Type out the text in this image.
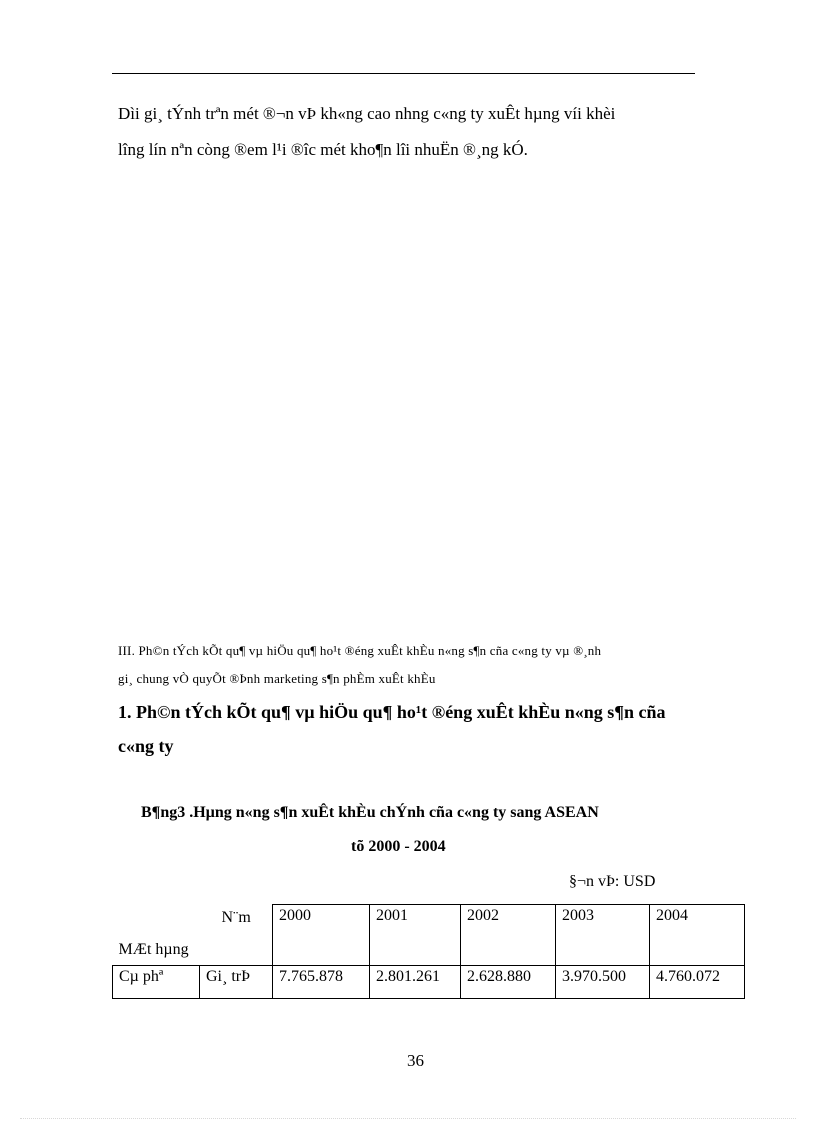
Dìi gi¸ tÝnh trªn mét ®¬n vÞ kh«ng cao nhng c«ng ty xuÊt hµng víi khèi
lîng lín nªn còng ®em l¹i ®îc mét kho¶n lîi nhuËn ®¸ng kÓ.
III. Ph©n tÝch kÕt qu¶ vµ hiÖu qu¶ ho¹t ®éng xuÊt khÈu n«ng s¶n cña c«ng ty vµ ®¸nh
gi¸ chung vÒ quyÕt ®Þnh marketing s¶n phÈm xuÊt khÈu
1. Ph©n tÝch kÕt qu¶ vµ hiÖu qu¶ ho¹t ®éng xuÊt khÈu n«ng s¶n cña
c«ng ty
B¶ng3 .Hµng n«ng s¶n xuÊt khÈu chÝnh cña c«ng ty sang ASEAN
tõ 2000 - 2004
§¬n vÞ: USD
N¨m
MÆt hµng		2000	2001	2002	2003	2004
Cµ phª	Gi¸ trÞ	7.765.878	2.801.261	2.628.880	3.970.500	4.760.072
36
